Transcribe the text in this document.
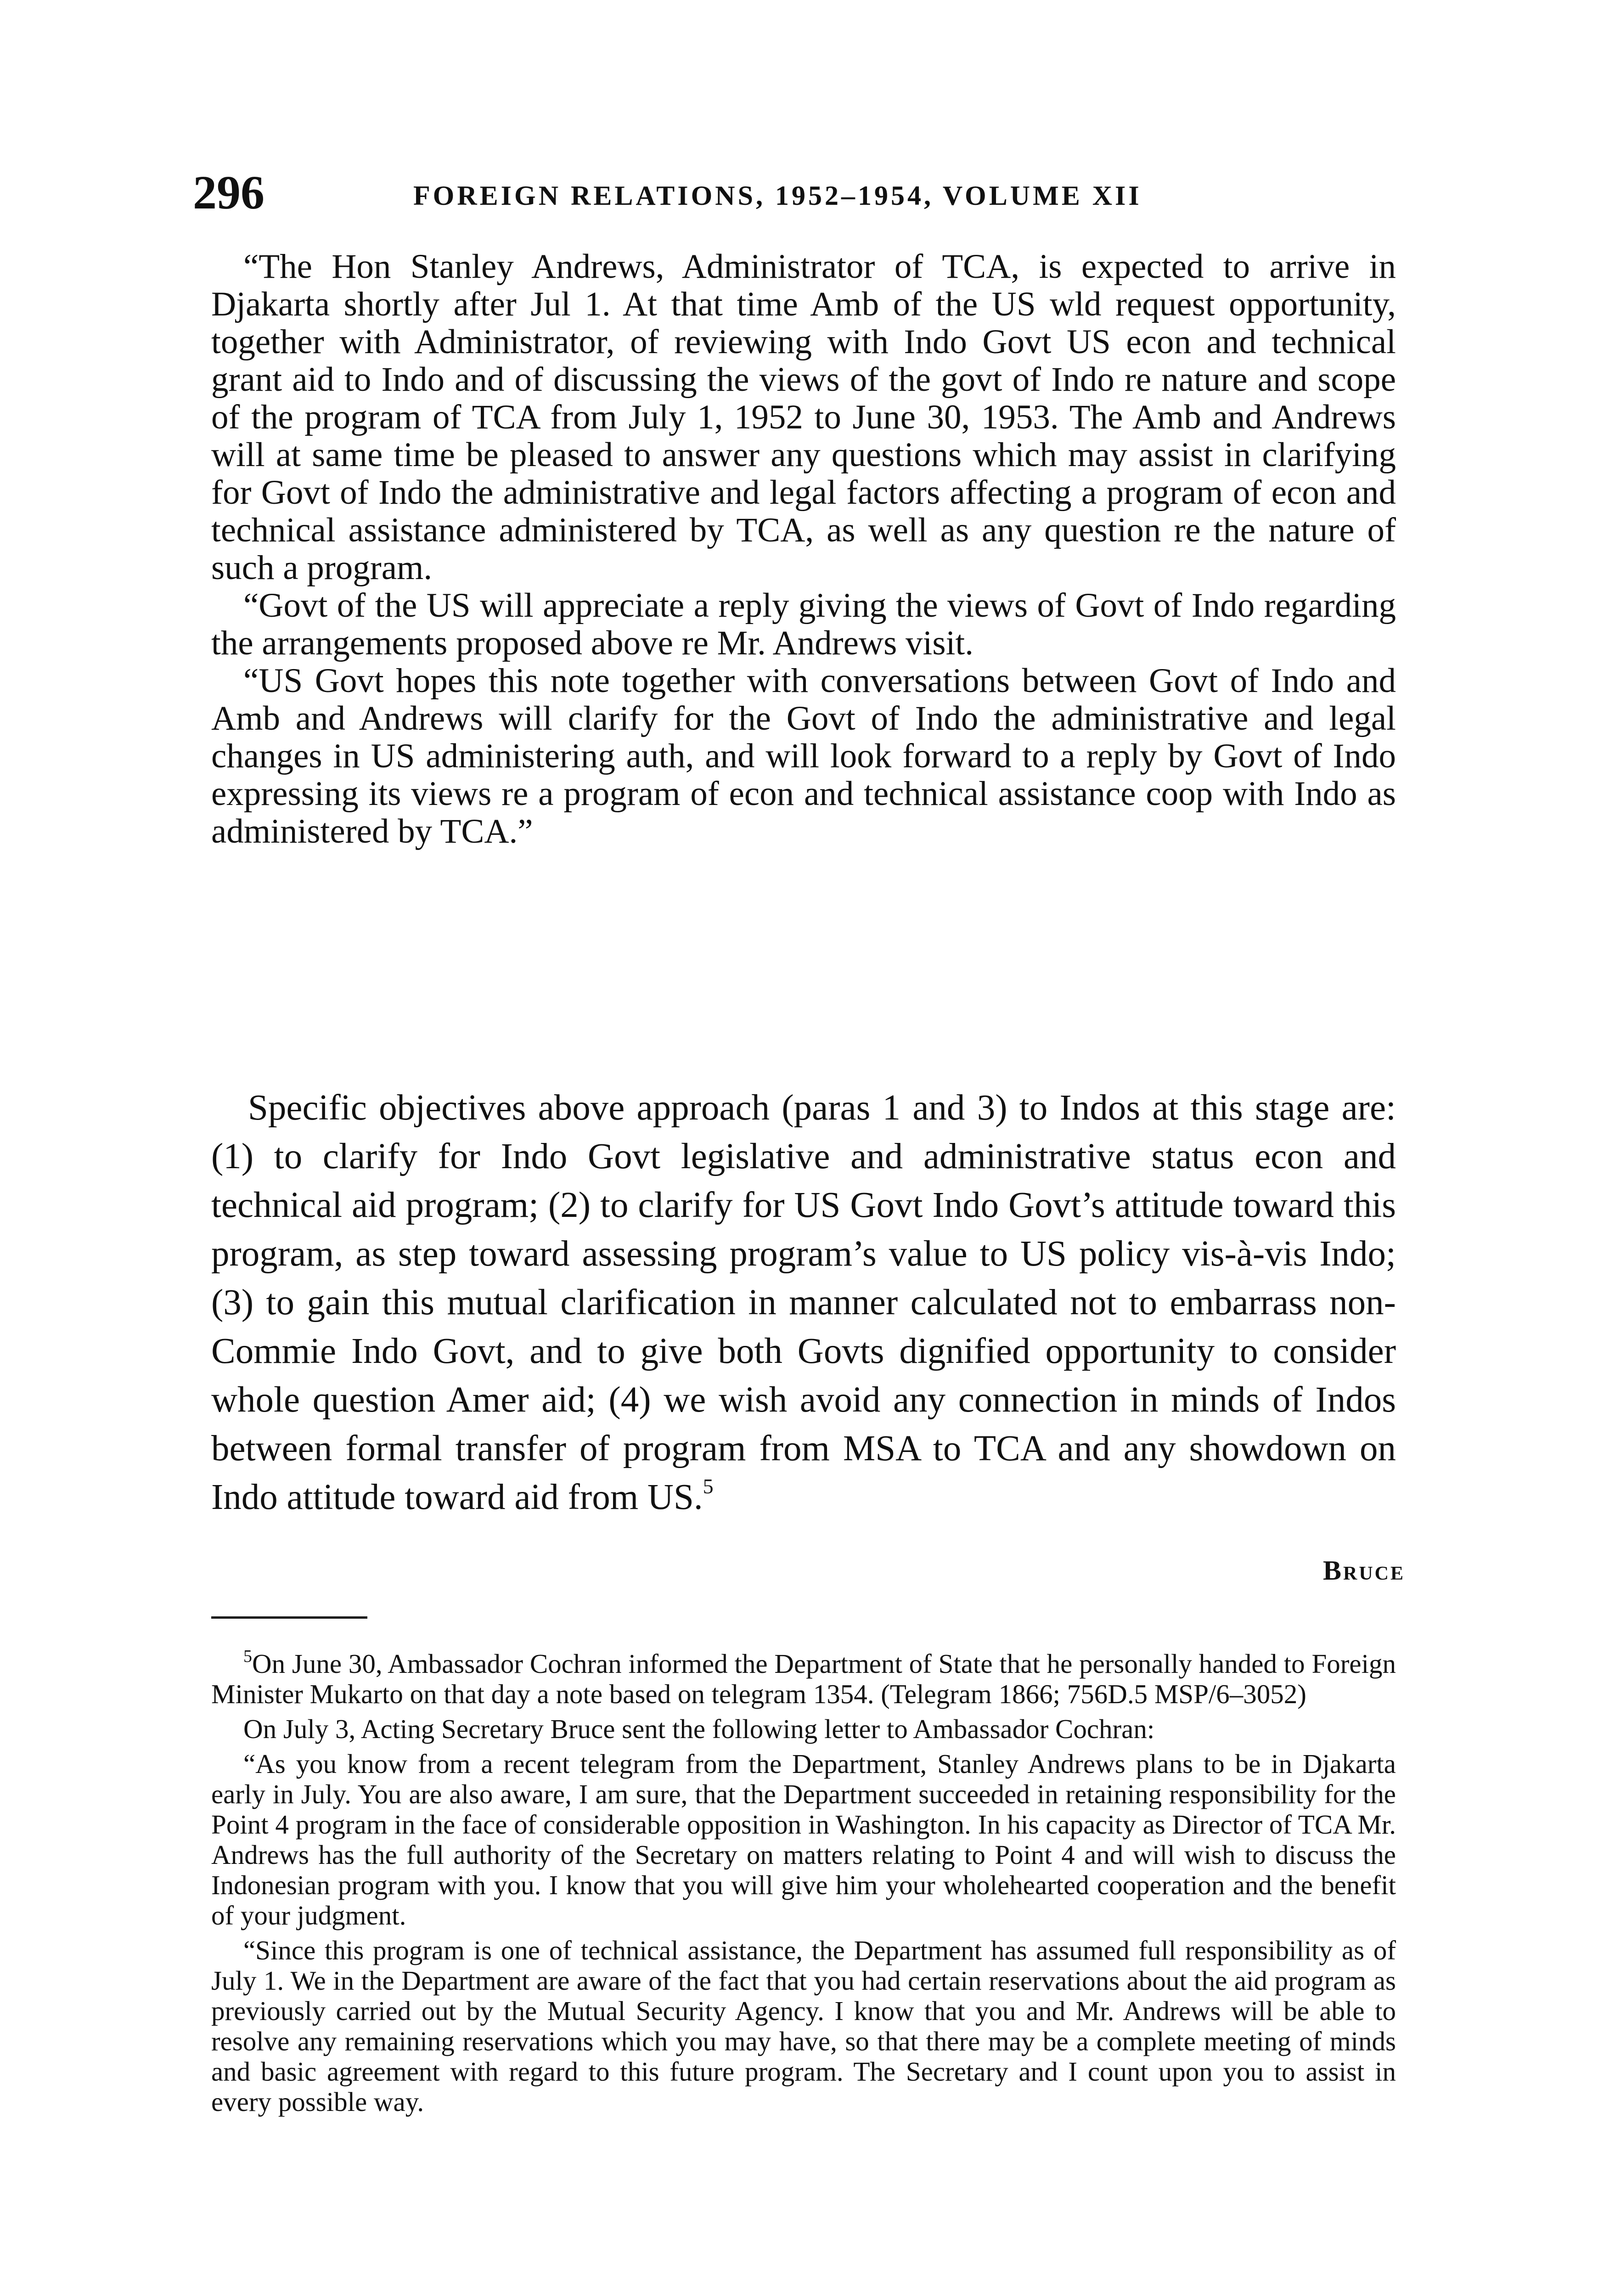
296	FOREIGN RELATIONS, 1952–1954, VOLUME XII

“The Hon Stanley Andrews, Administrator of TCA, is expected to arrive in Djakarta shortly after Jul 1. At that time Amb of the US wld request opportunity, together with Administrator, of reviewing with Indo Govt US econ and technical grant aid to Indo and of discussing the views of the govt of Indo re nature and scope of the program of TCA from July 1, 1952 to June 30, 1953. The Amb and Andrews will at same time be pleased to answer any questions which may assist in clarifying for Govt of Indo the administrative and legal factors affecting a program of econ and technical assistance administered by TCA, as well as any question re the nature of such a program.

“Govt of the US will appreciate a reply giving the views of Govt of Indo regarding the arrangements proposed above re Mr. Andrews visit.

“US Govt hopes this note together with conversations between Govt of Indo and Amb and Andrews will clarify for the Govt of Indo the administrative and legal changes in US administering auth, and will look forward to a reply by Govt of Indo expressing its views re a program of econ and technical assistance coop with Indo as administered by TCA.”

Specific objectives above approach (paras 1 and 3) to Indos at this stage are: (1) to clarify for Indo Govt legislative and administrative status econ and technical aid program; (2) to clarify for US Govt Indo Govt’s attitude toward this program, as step toward assessing program’s value to US policy vis-à-vis Indo; (3) to gain this mutual clarification in manner calculated not to embarrass non-Commie Indo Govt, and to give both Govts dignified opportunity to consider whole question Amer aid; (4) we wish avoid any connection in minds of Indos between formal transfer of program from MSA to TCA and any showdown on Indo attitude toward aid from US.$^5$

Bruce

$^5$On June 30, Ambassador Cochran informed the Department of State that he personally handed to Foreign Minister Mukarto on that day a note based on telegram 1354. (Telegram 1866; 756D.5 MSP/6–3052)

On July 3, Acting Secretary Bruce sent the following letter to Ambassador Cochran:

“As you know from a recent telegram from the Department, Stanley Andrews plans to be in Djakarta early in July. You are also aware, I am sure, that the Department succeeded in retaining responsibility for the Point 4 program in the face of considerable opposition in Washington. In his capacity as Director of TCA Mr. Andrews has the full authority of the Secretary on matters relating to Point 4 and will wish to discuss the Indonesian program with you. I know that you will give him your wholehearted cooperation and the benefit of your judgment.

“Since this program is one of technical assistance, the Department has assumed full responsibility as of July 1. We in the Department are aware of the fact that you had certain reservations about the aid program as previously carried out by the Mutual Security Agency. I know that you and Mr. Andrews will be able to resolve any remaining reservations which you may have, so that there may be a complete meeting of minds and basic agreement with regard to this future program. The Secretary and I count upon you to assist in every possible way.
